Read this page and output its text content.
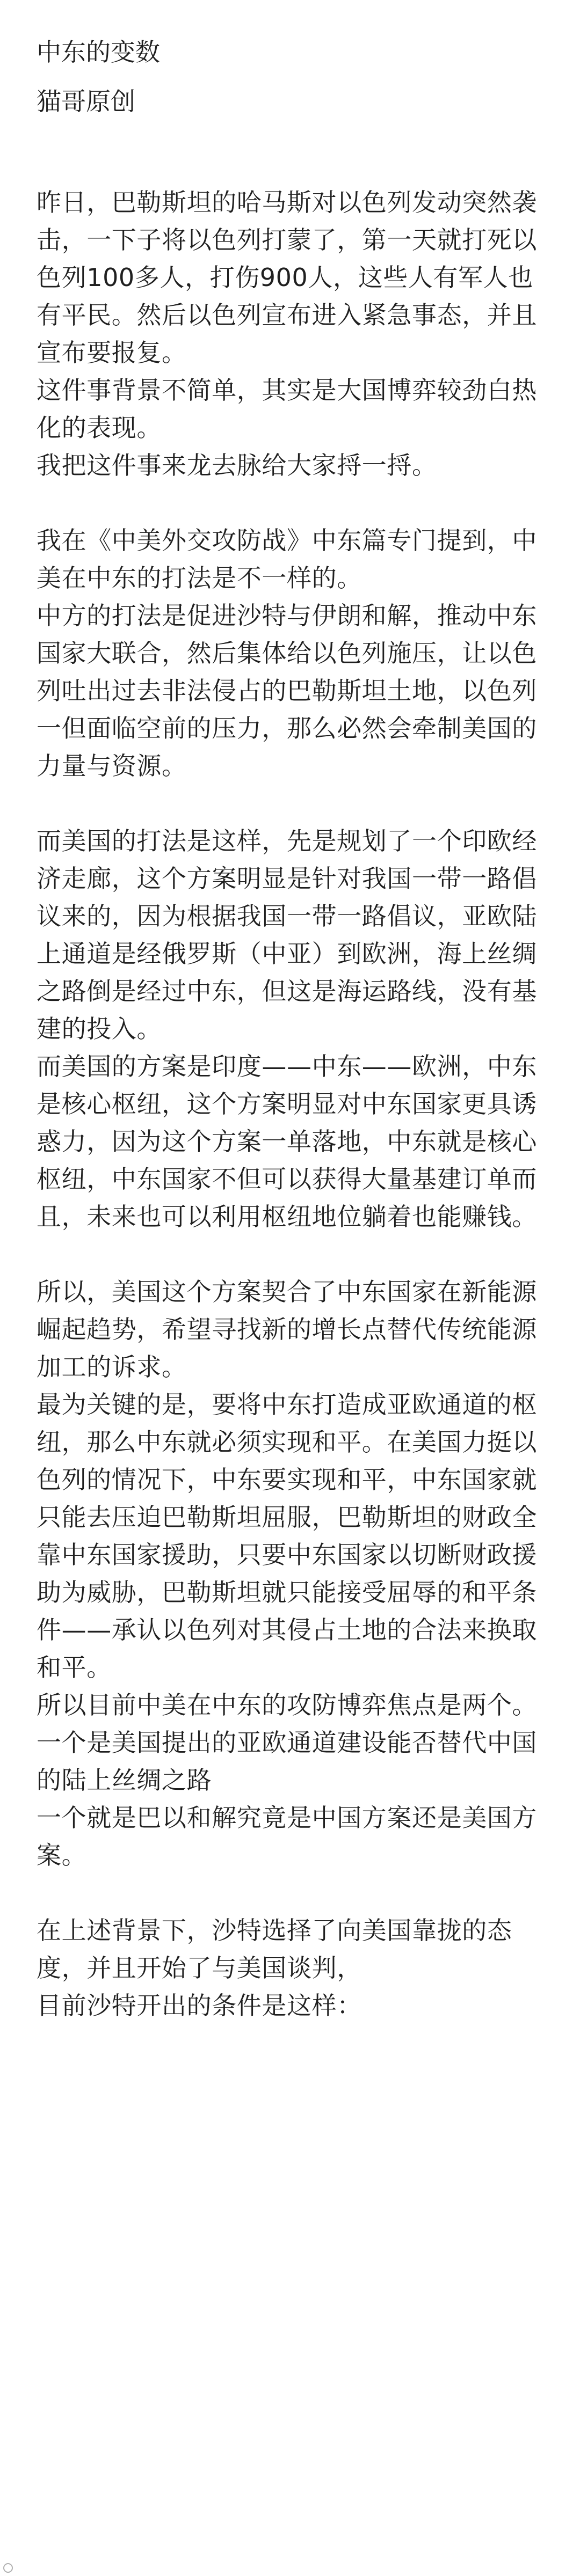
中东的变数

猫哥原创

昨日，巴勒斯坦的哈马斯对以色列发动突然袭击，一下子将以色列打蒙了，第一天就打死以色列100多人，打伤900人，这些人有军人也有平民。然后以色列宣布进入紧急事态，并且宣布要报复。

这件事背景不简单，其实是大国博弈较劲白热化的表现。

我把这件事来龙去脉给大家捋一捋。

我在《中美外交攻防战》中东篇专门提到，中美在中东的打法是不一样的。

中方的打法是促进沙特与伊朗和解，推动中东国家大联合，然后集体给以色列施压，让以色列吐出过去非法侵占的巴勒斯坦土地，以色列一但面临空前的压力，那么必然会牵制美国的力量与资源。

而美国的打法是这样，先是规划了一个印欧经济走廊，这个方案明显是针对我国一带一路倡议来的，因为根据我国一带一路倡议，亚欧陆上通道是经俄罗斯（中亚）到欧洲，海上丝绸之路倒是经过中东，但这是海运路线，没有基建的投入。

而美国的方案是印度——中东——欧洲，中东是核心枢纽，这个方案明显对中东国家更具诱惑力，因为这个方案一单落地，中东就是核心枢纽，中东国家不但可以获得大量基建订单而且，未来也可以利用枢纽地位躺着也能赚钱。

所以，美国这个方案契合了中东国家在新能源崛起趋势，希望寻找新的增长点替代传统能源加工的诉求。

最为关键的是，要将中东打造成亚欧通道的枢纽，那么中东就必须实现和平。在美国力挺以色列的情况下，中东要实现和平，中东国家就只能去压迫巴勒斯坦屈服，巴勒斯坦的财政全靠中东国家援助，只要中东国家以切断财政援助为威胁，巴勒斯坦就只能接受屈辱的和平条件——承认以色列对其侵占土地的合法来换取和平。

所以目前中美在中东的攻防博弈焦点是两个。

一个是美国提出的亚欧通道建设能否替代中国的陆上丝绸之路

一个就是巴以和解究竟是中国方案还是美国方案。

在上述背景下，沙特选择了向美国靠拢的态度，并且开始了与美国谈判，

目前沙特开出的条件是这样：
